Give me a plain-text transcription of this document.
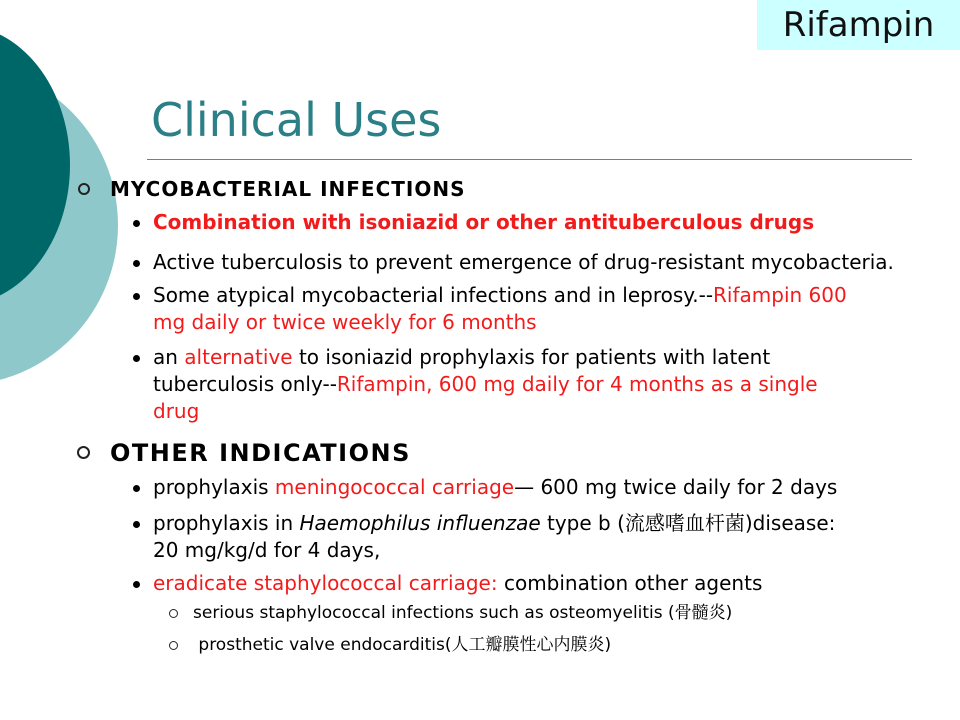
Rifampin
Clinical Uses
MYCOBACTERIAL INFECTIONS
Combination with isoniazid or other antituberculous drugs
Active tuberculosis to prevent emergence of drug-resistant mycobacteria.
Some atypical mycobacterial infections and in leprosy.--Rifampin 600
mg daily or twice weekly for 6 months
an alternative to isoniazid prophylaxis for patients with latent
tuberculosis only--Rifampin, 600 mg daily for 4 months as a single
drug
OTHER INDICATIONS
prophylaxis meningococcal carriage— 600 mg twice daily for 2 days
prophylaxis in Haemophilus influenzae type b (流感嗜血杆菌)disease:
20 mg/kg/d for 4 days,
eradicate staphylococcal carriage: combination other agents
serious staphylococcal infections such as osteomyelitis (骨髓炎)
prosthetic valve endocarditis(人工瓣膜性心内膜炎)
